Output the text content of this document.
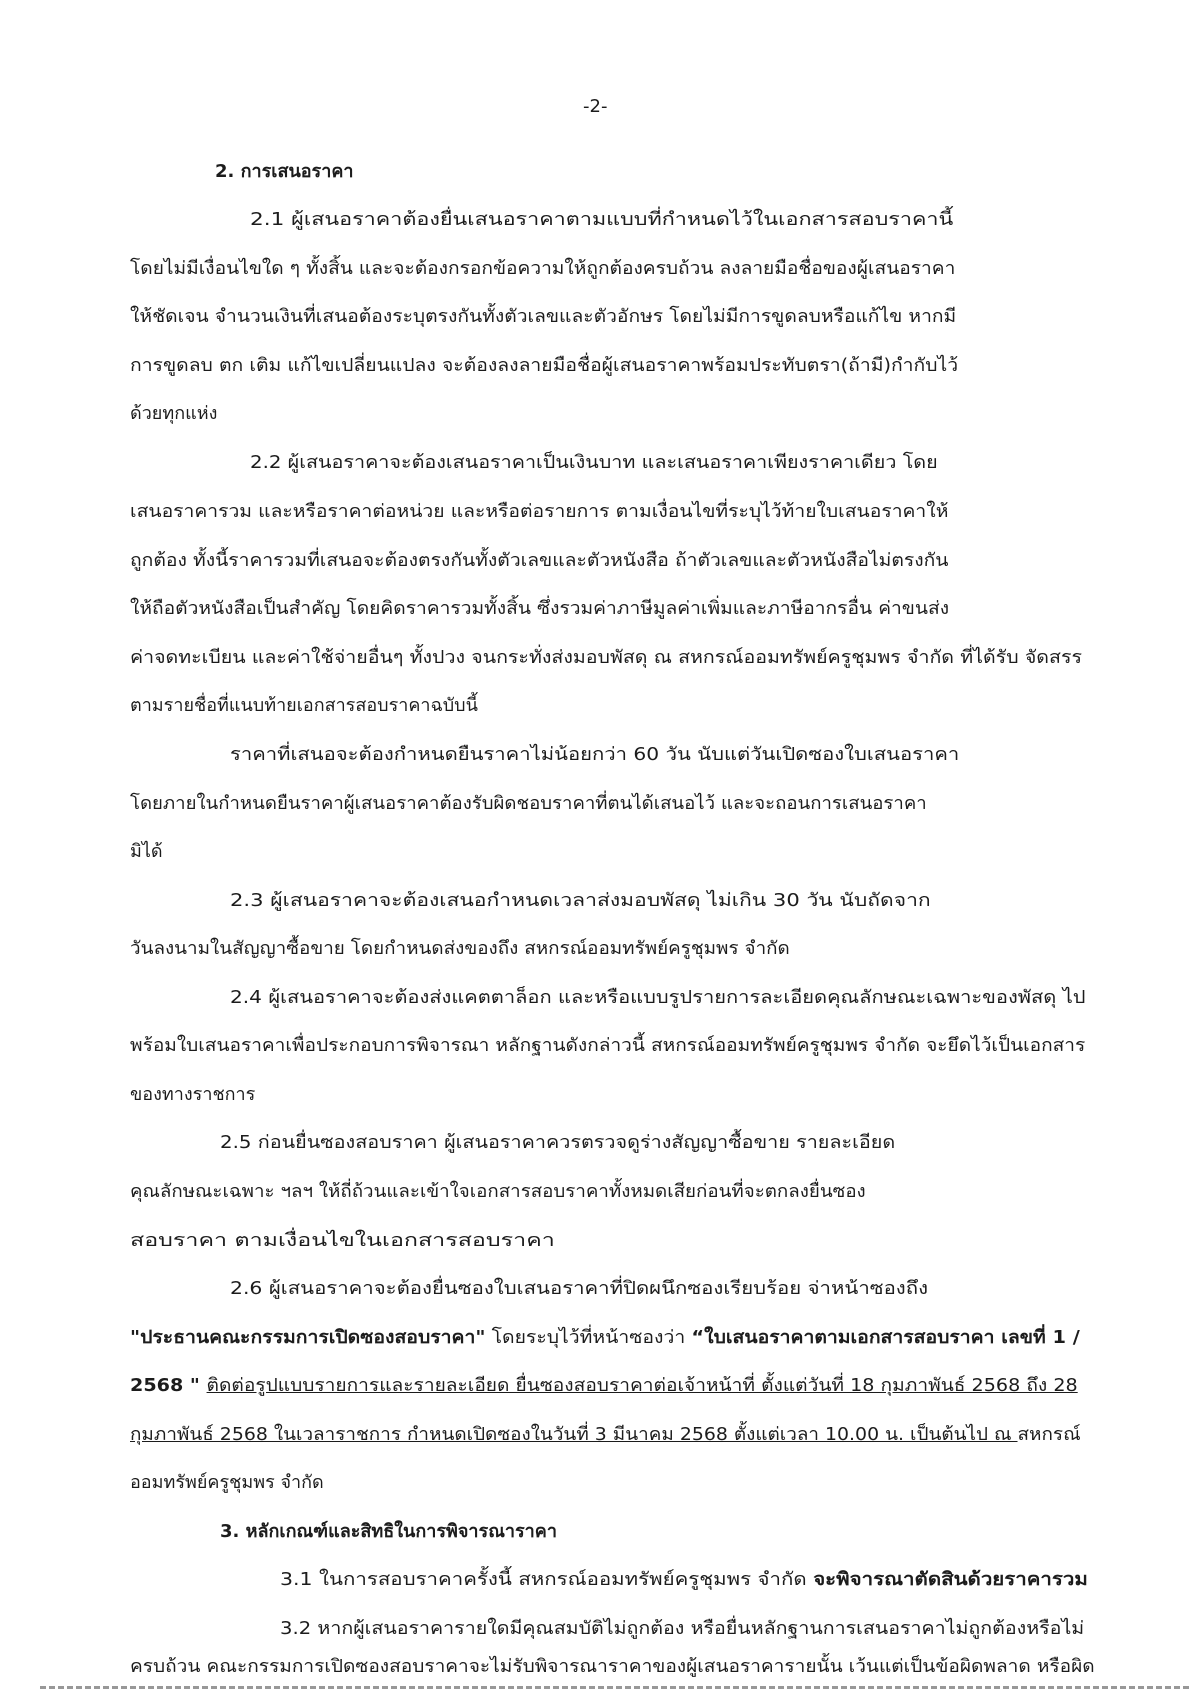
-2-
2. การเสนอราคา
2.1 ผู้เสนอราคาต้องยื่นเสนอราคาตามแบบที่กำหนดไว้ในเอกสารสอบราคานี้
โดยไม่มีเงื่อนไขใด ๆ ทั้งสิ้น และจะต้องกรอกข้อความให้ถูกต้องครบถ้วน ลงลายมือชื่อของผู้เสนอราคา
ให้ชัดเจน จำนวนเงินที่เสนอต้องระบุตรงกันทั้งตัวเลขและตัวอักษร โดยไม่มีการขูดลบหรือแก้ไข หากมี
การขูดลบ ตก เติม แก้ไขเปลี่ยนแปลง จะต้องลงลายมือชื่อผู้เสนอราคาพร้อมประทับตรา(ถ้ามี)กำกับไว้
ด้วยทุกแห่ง
2.2 ผู้เสนอราคาจะต้องเสนอราคาเป็นเงินบาท และเสนอราคาเพียงราคาเดียว โดย
เสนอราคารวม และหรือราคาต่อหน่วย และหรือต่อรายการ ตามเงื่อนไขที่ระบุไว้ท้ายใบเสนอราคาให้
ถูกต้อง ทั้งนี้ราคารวมที่เสนอจะต้องตรงกันทั้งตัวเลขและตัวหนังสือ ถ้าตัวเลขและตัวหนังสือไม่ตรงกัน
ให้ถือตัวหนังสือเป็นสำคัญ โดยคิดราคารวมทั้งสิ้น ซึ่งรวมค่าภาษีมูลค่าเพิ่มและภาษีอากรอื่น ค่าขนส่ง
ค่าจดทะเบียน และค่าใช้จ่ายอื่นๆ ทั้งปวง จนกระทั่งส่งมอบพัสดุ ณ สหกรณ์ออมทรัพย์ครูชุมพร จำกัด ที่ได้รับ จัดสรร
ตามรายชื่อที่แนบท้ายเอกสารสอบราคาฉบับนี้
ราคาที่เสนอจะต้องกำหนดยืนราคาไม่น้อยกว่า 60 วัน นับแต่วันเปิดซองใบเสนอราคา
โดยภายในกำหนดยืนราคาผู้เสนอราคาต้องรับผิดชอบราคาที่ตนได้เสนอไว้ และจะถอนการเสนอราคา
มิได้
2.3 ผู้เสนอราคาจะต้องเสนอกำหนดเวลาส่งมอบพัสดุ ไม่เกิน 30 วัน นับถัดจาก
วันลงนามในสัญญาซื้อขาย โดยกำหนดส่งของถึง สหกรณ์ออมทรัพย์ครูชุมพร จำกัด
2.4 ผู้เสนอราคาจะต้องส่งแคตตาล็อก และหรือแบบรูปรายการละเอียดคุณลักษณะเฉพาะของพัสดุ ไป
พร้อมใบเสนอราคาเพื่อประกอบการพิจารณา หลักฐานดังกล่าวนี้ สหกรณ์ออมทรัพย์ครูชุมพร จำกัด จะยึดไว้เป็นเอกสาร
ของทางราชการ
2.5 ก่อนยื่นซองสอบราคา ผู้เสนอราคาควรตรวจดูร่างสัญญาซื้อขาย รายละเอียด
คุณลักษณะเฉพาะ ฯลฯ ให้ถี่ถ้วนและเข้าใจเอกสารสอบราคาทั้งหมดเสียก่อนที่จะตกลงยื่นซอง
สอบราคา ตามเงื่อนไขในเอกสารสอบราคา
2.6 ผู้เสนอราคาจะต้องยื่นซองใบเสนอราคาที่ปิดผนึกซองเรียบร้อย จ่าหน้าซองถึง
"ประธานคณะกรรมการเปิดซองสอบราคา" โดยระบุไว้ที่หน้าซองว่า “ใบเสนอราคาตามเอกสารสอบราคา เลขที่ 1 /
2568 " ติดต่อรูปแบบรายการและรายละเอียด ยื่นซองสอบราคาต่อเจ้าหน้าที่ ตั้งแต่วันที่ 18 กุมภาพันธ์ 2568 ถึง 28
กุมภาพันธ์ 2568 ในเวลาราชการ กำหนดเปิดซองในวันที่ 3 มีนาคม 2568 ตั้งแต่เวลา 10.00 น. เป็นต้นไป ณ สหกรณ์
ออมทรัพย์ครูชุมพร จำกัด
3. หลักเกณฑ์และสิทธิในการพิจารณาราคา
3.1 ในการสอบราคาครั้งนี้ สหกรณ์ออมทรัพย์ครูชุมพร จำกัด จะพิจารณาตัดสินด้วยราคารวม
3.2 หากผู้เสนอราคารายใดมีคุณสมบัติไม่ถูกต้อง หรือยื่นหลักฐานการเสนอราคาไม่ถูกต้องหรือไม่
ครบถ้วน คณะกรรมการเปิดซองสอบราคาจะไม่รับพิจารณาราคาของผู้เสนอราคารายนั้น เว้นแต่เป็นข้อผิดพลาด หรือผิด
